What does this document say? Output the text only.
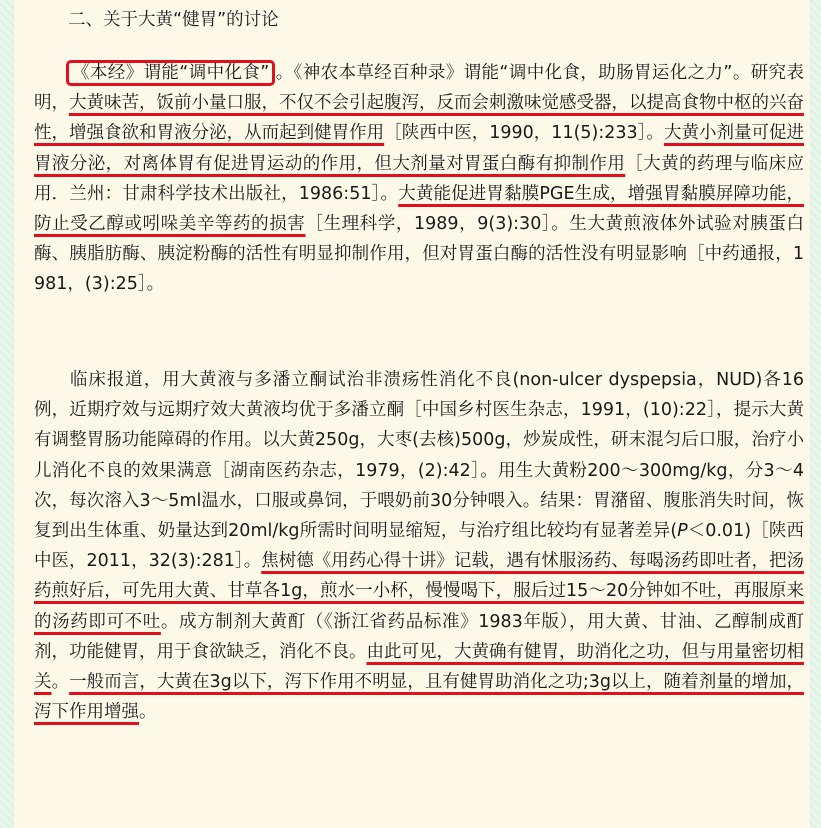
二、关于大黄“健胃”的讨论

《本经》谓能“调中化食” 。《神农本草经百种录》谓能“调中化食，助肠胃运化之力”。研究表明，大黄味苦，饭前小量口服，不仅不会引起腹泻，反而会刺激味觉感受器，以提高食物中枢的兴奋性，增强食欲和胃液分泌，从而起到健胃作用［陕西中医，1990，11(5):233］。大黄小剂量可促进胃液分泌，对离体胃有促进胃运动的作用，但大剂量对胃蛋白酶有抑制作用［大黄的药理与临床应用．兰州：甘肃科学技术出版社，1986:51］。大黄能促进胃黏膜PGE生成，增强胃黏膜屏障功能，防止受乙醇或吲哚美辛等药的损害［生理科学，1989，9(3):30］。生大黄煎液体外试验对胰蛋白酶、胰脂肪酶、胰淀粉酶的活性有明显抑制作用，但对胃蛋白酶的活性没有明显影响［中药通报，1981，(3):25］。

临床报道，用大黄液与多潘立酮试治非溃疡性消化不良(non-ulcer dyspepsia，NUD)各16例，近期疗效与远期疗效大黄液均优于多潘立酮［中国乡村医生杂志，1991，(10):22］，提示大黄有调整胃肠功能障碍的作用。以大黄250g，大枣(去核)500g，炒炭成性，研末混匀后口服，治疗小儿消化不良的效果满意［湖南医药杂志，1979，(2):42］。用生大黄粉200～300mg/kg，分3～4次，每次溶入3～5ml温水，口服或鼻饲，于喂奶前30分钟喂入。结果：胃潴留、腹胀消失时间，恢复到出生体重、奶量达到20ml/kg所需时间明显缩短，与治疗组比较均有显著差异(P＜0.01)［陕西中医，2011，32(3):281］。焦树德《用药心得十讲》记载，遇有怵服汤药、每喝汤药即吐者，把汤药煎好后，可先用大黄、甘草各1g，煎水一小杯，慢慢喝下，服后过15～20分钟如不吐，再服原来的汤药即可不吐。成方制剂大黄酊（《浙江省药品标准》1983年版），用大黄、甘油、乙醇制成酊剂，功能健胃，用于食欲缺乏，消化不良。由此可见，大黄确有健胃，助消化之功，但与用量密切相关。一般而言，大黄在3g以下，泻下作用不明显，且有健胃助消化之功;3g以上，随着剂量的增加，泻下作用增强。
